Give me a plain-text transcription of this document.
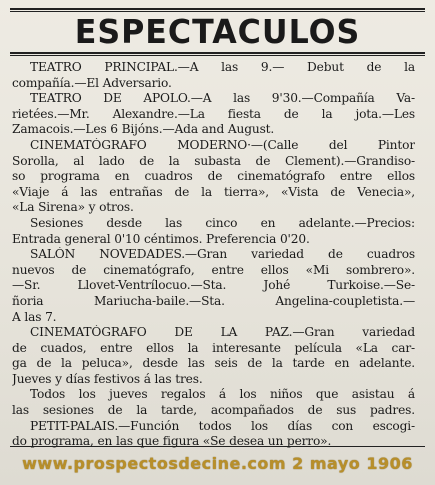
ESPECTACULOS
TEATRO PRINCIPAL.—A las 9.— Debut de la
compañía.—El Adversario.
TEATRO DE APOLO.—A las 9'30.—Compañía Va-
rietées.—Mr. Alexandre.—La fiesta de la jota.—Les
Zamacois.—Les 6 Bijóns.—Ada and August.
CINEMATÓGRAFO MODERNO·—(Calle del Pintor
Sorolla, al lado de la subasta de Clement).—Grandiso-
so programa en cuadros de cinematógrafo entre ellos
«Viaje á las entrañas de la tierra», «Vista de Venecia»,
«La Sirena» y otros.
Sesiones desde las cinco en adelante.—Precios:
Entrada general 0'10 céntimos. Preferencia 0'20.
SALÓN NOVEDADES.—Gran variedad de cuadros
nuevos de cinematógrafo, entre ellos «Mi sombrero».
—Sr. Llovet-Ventrílocuo.—Sta. Johé Turkoise.—Se-
ñoria Mariucha-baile.—Sta. Angelina-coupletista.—
A las 7.
CINEMATÓGRAFO DE LA PAZ.—Gran variedad
de cuados, entre ellos la interesante película «La car-
ga de la peluca», desde las seis de la tarde en adelante.
Jueves y días festivos á las tres.
Todos los jueves regalos á los niños que asistau á
las sesiones de la tarde, acompañados de sus padres.
PETIT-PALAIS.—Función todos los días con escogi-
do programa, en las que figura «Se desea un perro».
www.prospectosdecine.com 2 mayo 1906
